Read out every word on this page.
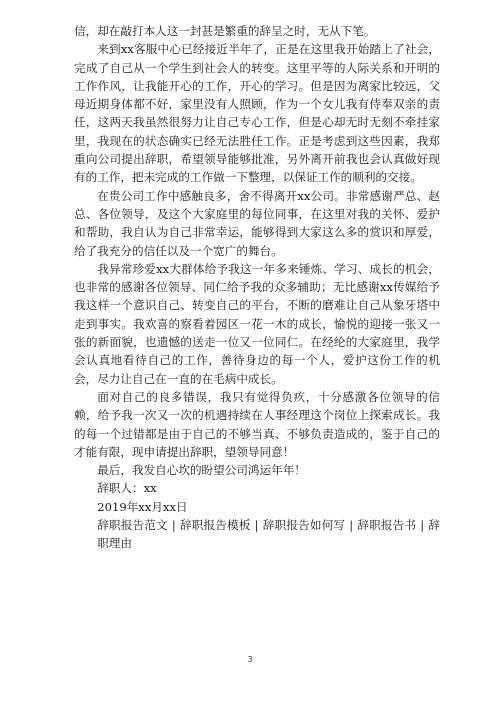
信，却在敲打本人这一封甚是繁重的辞呈之时，无从下笔。

来到xx客服中心已经接近半年了，正是在这里我开始踏上了社会，完成了自己从一个学生到社会人的转变。这里平等的人际关系和开明的工作作风，让我能开心的工作，开心的学习。但是因为离家比较远，父母近期身体都不好，家里没有人照顾，作为一个女儿我有侍奉双亲的责任，这两天我虽然很努力让自己专心工作，但是心却无时无刻不牵挂家里，我现在的状态确实已经无法胜任工作。正是考虑到这些因素，我郑重向公司提出辞职，希望领导能够批准，另外离开前我也会认真做好现有的工作，把未完成的工作做一下整理，以保证工作的顺利的交接。

在贵公司工作中感触良多，舍不得离开xx公司。非常感谢严总、赵总、各位领导，及这个大家庭里的每位同事，在这里对我的关怀、爱护和帮助，我自认为自己非常幸运，能够得到大家这么多的赏识和厚爱，给了我充分的信任以及一个宽广的舞台。

我异常珍爱xx大群体给予我这一年多来锤炼、学习、成长的机会，也非常的感谢各位领导、同仁给予我的众多辅助；无比感谢xx传媒给予我这样一个意识自己、转变自己的平台，不断的磨难让自己从象牙塔中走到事实。我欢喜的察看着园区一花一木的成长，愉悦的迎接一张又一张的新面貌，也遗憾的送走一位又一位同仁。在经纶的大家庭里，我学会认真地看待自己的工作，善待身边的每一个人，爱护这份工作的机会，尽力让自己在一直的在毛病中成长。

面对自己的良多错误，我只有觉得负疚，十分感激各位领导的信赖，给予我一次又一次的机遇持续在人事经理这个岗位上探索成长。我的每一个过错都是由于自己的不够当真、不够负责造成的，鉴于自己的才能有限，现申请提出辞职，望领导同意！

最后，我发自心坎的盼望公司鸿运年年！

辞职人：xx

2019年xx月xx日

辞职报告范文 | 辞职报告模板 | 辞职报告如何写 | 辞职报告书 | 辞职理由

3
